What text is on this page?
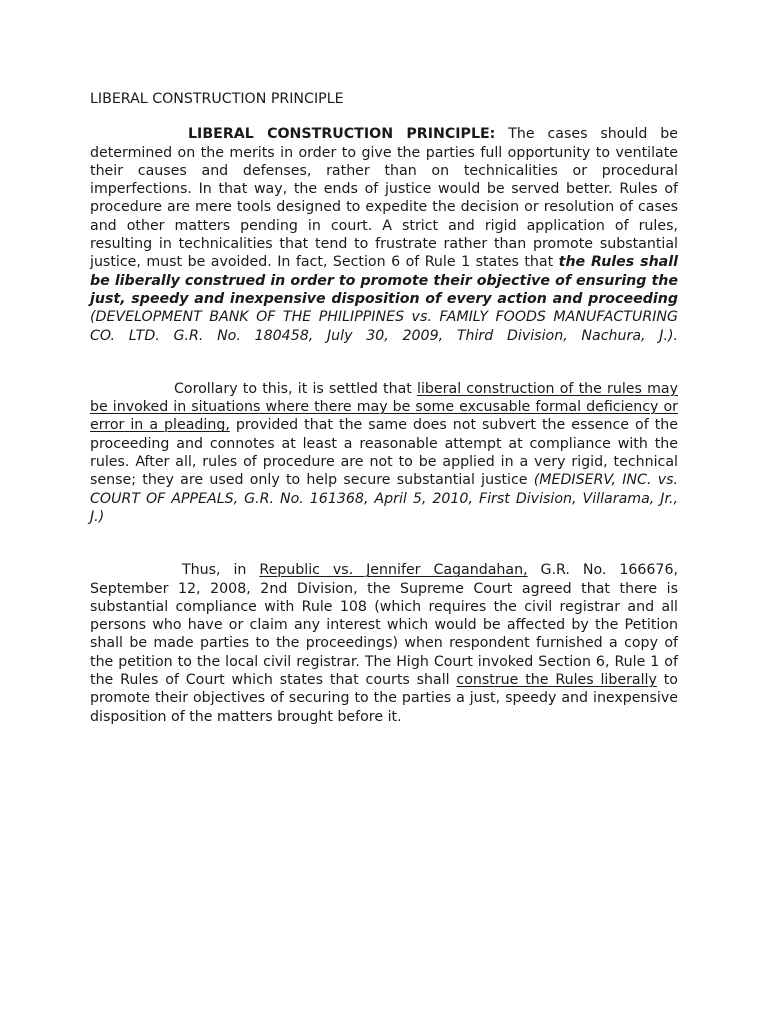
LIBERAL CONSTRUCTION PRINCIPLE

LIBERAL CONSTRUCTION PRINCIPLE: The cases should be determined on the merits in order to give the parties full opportunity to ventilate their causes and defenses, rather than on technicalities or procedural imperfections. In that way, the ends of justice would be served better. Rules of procedure are mere tools designed to expedite the decision or resolution of cases and other matters pending in court. A strict and rigid application of rules, resulting in technicalities that tend to frustrate rather than promote substantial justice, must be avoided. In fact, Section 6 of Rule 1 states that the Rules shall be liberally construed in order to promote their objective of ensuring the just, speedy and inexpensive disposition of every action and proceeding (DEVELOPMENT BANK OF THE PHILIPPINES vs. FAMILY FOODS MANUFACTURING CO. LTD. G.R. No. 180458, July 30, 2009, Third Division, Nachura, J.).

Corollary to this, it is settled that liberal construction of the rules may be invoked in situations where there may be some excusable formal deficiency or error in a pleading, provided that the same does not subvert the essence of the proceeding and connotes at least a reasonable attempt at compliance with the rules. After all, rules of procedure are not to be applied in a very rigid, technical sense; they are used only to help secure substantial justice (MEDISERV, INC. vs. COURT OF APPEALS, G.R. No. 161368, April 5, 2010, First Division, Villarama, Jr., J.)

Thus, in Republic vs. Jennifer Cagandahan, G.R. No. 166676, September 12, 2008, 2nd Division, the Supreme Court agreed that there is substantial compliance with Rule 108 (which requires the civil registrar and all persons who have or claim any interest which would be affected by the Petition shall be made parties to the proceedings) when respondent furnished a copy of the petition to the local civil registrar. The High Court invoked Section 6, Rule 1 of the Rules of Court which states that courts shall construe the Rules liberally to promote their objectives of securing to the parties a just, speedy and inexpensive disposition of the matters brought before it.
